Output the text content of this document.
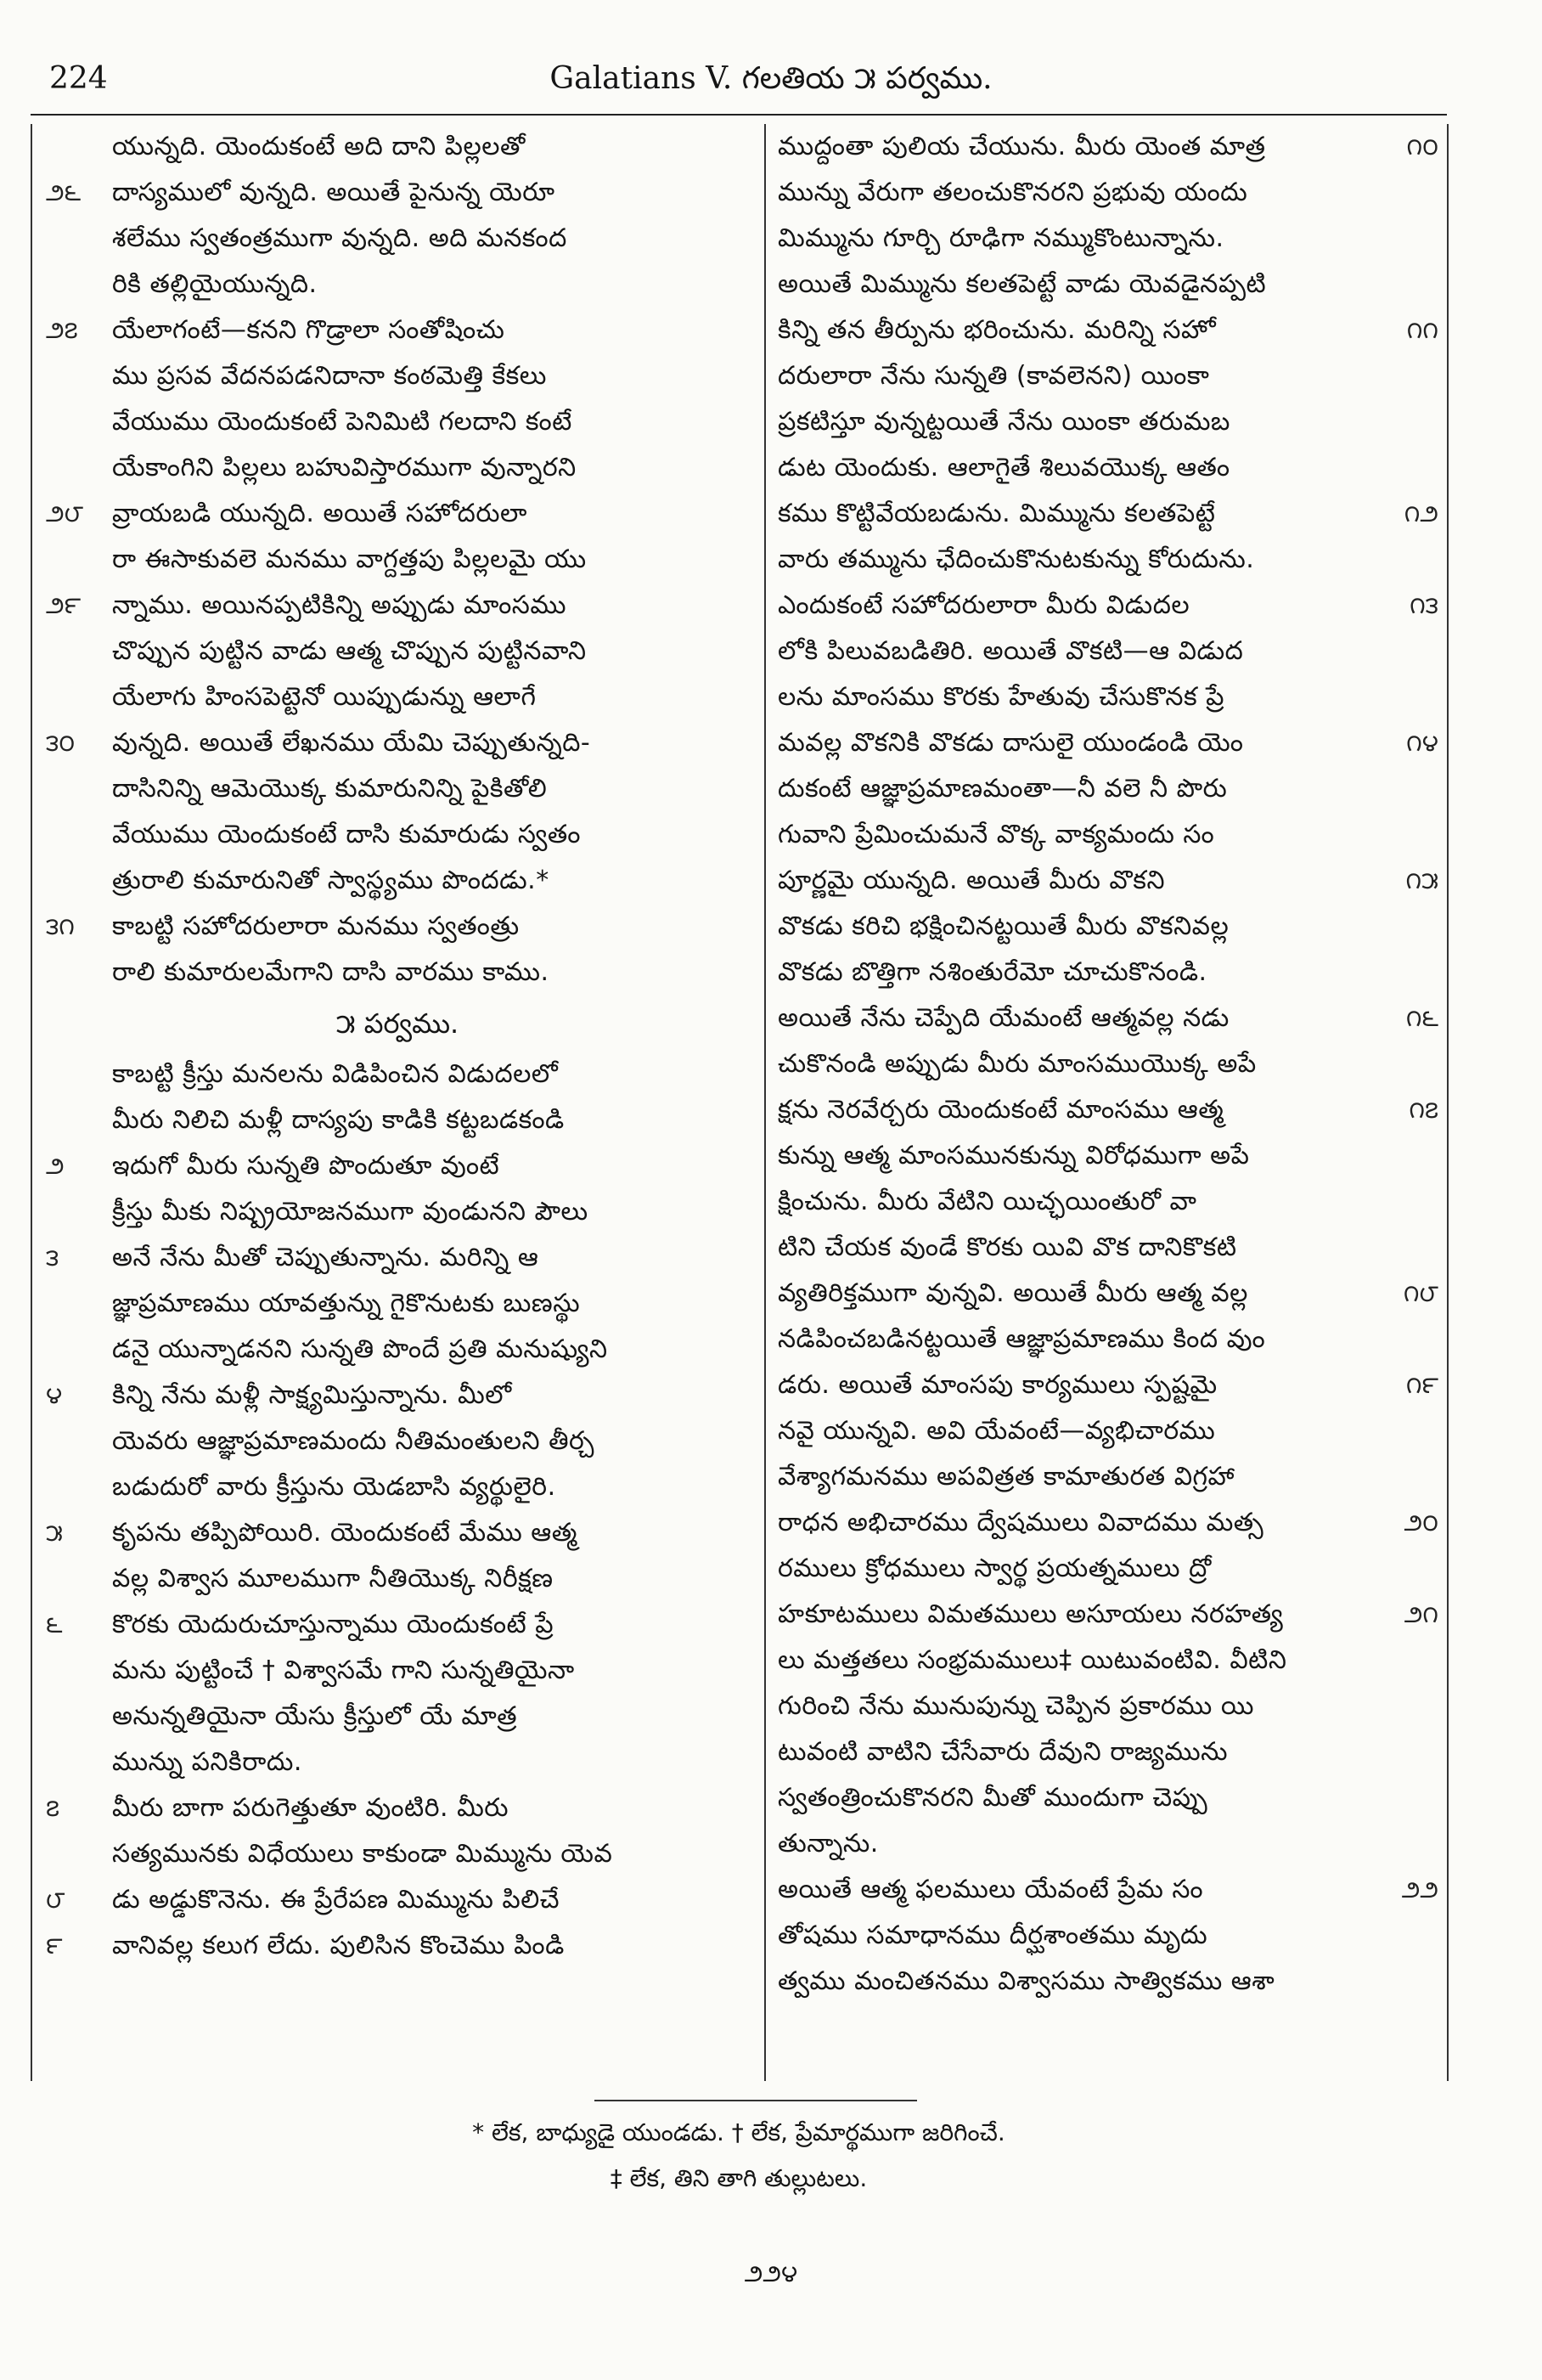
224	Galatians V. గలతియ ౫ పర్వము.
యున్నది. యెందుకంటే అది దాని పిల్లలతో
౨౬ దాస్యములో వున్నది. అయితే పైనున్న యెరూ
శలేము స్వతంత్రముగా వున్నది. అది మనకంద
రికి తల్లియైయున్నది.
౨౭ యేలాగంటే—కనని గొడ్రాలా సంతోషించు
ము ప్రసవ వేదనపడనిదానా కంఠమెత్తి కేకలు
వేయుము యెందుకంటే పెనిమిటి గలదాని కంటే
యేకాంగిని పిల్లలు బహువిస్తారముగా వున్నారని
౨౮ వ్రాయబడి యున్నది. అయితే సహోదరులా
రా ఈసాకువలె మనము వాగ్దత్తపు పిల్లలమై యు
౨౯ న్నాము. అయినప్పటికిన్ని అప్పుడు మాంసము
చొప్పున పుట్టిన వాడు ఆత్మ చొప్పున పుట్టినవాని
యేలాగు హింసపెట్టెనో యిప్పుడున్ను ఆలాగే
౩౦ వున్నది. అయితే లేఖనము యేమి చెప్పుతున్నది-
దాసినిన్ని ఆమెయొక్క కుమారునిన్ని పైకితోలి
వేయుము యెందుకంటే దాసి కుమారుడు స్వతం
త్రురాలి కుమారునితో స్వాస్థ్యము పొందడు.*
౩౧ కాబట్టి సహోదరులారా మనము స్వతంత్రు
రాలి కుమారులమేగాని దాసి వారము కాము.
౫ పర్వము.
కాబట్టి క్రీస్తు మనలను విడిపించిన విడుదలలో
మీరు నిలిచి మళ్లీ దాస్యపు కాడికి కట్టబడకండి
౨ ఇదుగో మీరు సున్నతి పొందుతూ వుంటే
క్రీస్తు మీకు నిష్ప్రయోజనముగా వుండునని పౌలు
౩ అనే నేను మీతో చెప్పుతున్నాను. మరిన్ని ఆ
జ్ఞాప్రమాణము యావత్తున్ను గైకొనుటకు బుణస్థు
డనై యున్నాడనని సున్నతి పొందే ప్రతి మనుష్యుని
౪ కిన్ని నేను మళ్లీ సాక్ష్యమిస్తున్నాను. మీలో
యెవరు ఆజ్ఞాప్రమాణమందు నీతిమంతులని తీర్చ
బడుదురో వారు క్రీస్తును యెడబాసి వ్యర్థులైరి.
౫ కృపను తప్పిపోయిరి. యెందుకంటే మేము ఆత్మ
వల్ల విశ్వాస మూలముగా నీతియొక్క నిరీక్షణ
౬ కొరకు యెదురుచూస్తున్నాము యెందుకంటే ప్రే
మను పుట్టించే † విశ్వాసమే గాని సున్నతియైనా
అనున్నతియైనా యేసు క్రీస్తులో యే మాత్ర
మున్ను పనికిరాదు.
౭ మీరు బాగా పరుగెత్తుతూ వుంటిరి. మీరు
సత్యమునకు విధేయులు కాకుండా మిమ్మును యెవ
౮ డు అడ్డుకొనెను. ఈ ప్రేరేపణ మిమ్మును పిలిచే
౯ వానివల్ల కలుగ లేదు. పులిసిన కొంచెము పిండి
౧౦
ముద్దంతా పులియ చేయును. మీరు యెంత మాత్ర
మున్ను వేరుగా తలంచుకొనరని ప్రభువు యందు
మిమ్మును గూర్చి రూఢిగా నమ్ముకొంటున్నాను.
అయితే మిమ్మును కలతపెట్టే వాడు యెవడైనప్పటి
౧౧
కిన్ని తన తీర్పును భరించును. మరిన్ని సహో
దరులారా నేను సున్నతి (కావలెనని) యింకా
ప్రకటిస్తూ వున్నట్టయితే నేను యింకా తరుమబ
డుట యెందుకు. ఆలాగైతే శిలువయొక్క ఆతం
౧౨
కము కొట్టివేయబడును. మిమ్మును కలతపెట్టే
వారు తమ్మును ఛేదించుకొనుటకున్ను కోరుదును.
౧౩
ఎందుకంటే సహోదరులారా మీరు విడుదల
లోకి పిలువబడితిరి. అయితే వొకటి—ఆ విడుద
లను మాంసము కొరకు హేతువు చేసుకొనక ప్రే
౧౪
మవల్ల వొకనికి వొకడు దాసులై యుండండి యెం
దుకంటే ఆజ్ఞాప్రమాణమంతా—నీ వలె నీ పొరు
గువాని ప్రేమించుమనే వొక్క వాక్యమందు సం
౧౫
పూర్ణమై యున్నది. అయితే మీరు వొకని
వొకడు కరిచి భక్షించినట్టయితే మీరు వొకనివల్ల
వొకడు బొత్తిగా నశింతురేమో చూచుకొనండి.
౧౬
అయితే నేను చెప్పేది యేమంటే ఆత్మవల్ల నడు
చుకొనండి అప్పుడు మీరు మాంసముయొక్క అపే
౧౭
క్షను నెరవేర్చరు యెందుకంటే మాంసము ఆత్మ
కున్ను ఆత్మ మాంసమునకున్ను విరోధముగా అపే
క్షించును. మీరు వేటిని యిచ్ఛయింతురో వా
టిని చేయక వుండే కొరకు యివి వొక దానికొకటి
౧౮
వ్యతిరిక్తముగా వున్నవి. అయితే మీరు ఆత్మ వల్ల
నడిపించబడినట్టయితే ఆజ్ఞాప్రమాణము కింద వుం
౧౯
డరు. అయితే మాంసపు కార్యములు స్పష్టమై
నవై యున్నవి. అవి యేవంటే—వ్యభిచారము
వేశ్యాగమనము అపవిత్రత కామాతురత విగ్రహా
౨౦
రాధన అభిచారము ద్వేషములు వివాదము మత్స
రములు క్రోధములు స్వార్థ ప్రయత్నములు ద్రో
౨౧
హకూటములు విమతములు అసూయలు నరహత్య
లు మత్తతలు సంభ్రమములు‡ యిటువంటివి. వీటిని
గురించి నేను మునుపున్ను చెప్పిన ప్రకారము యి
టువంటి వాటిని చేసేవారు దేవుని రాజ్యమును
స్వతంత్రించుకొనరని మీతో ముందుగా చెప్పు
తున్నాను.
౨౨
అయితే ఆత్మ ఫలములు యేవంటే ప్రేమ సం
తోషము సమాధానము దీర్ఘశాంతము మృదు
త్వము మంచితనము విశ్వాసము సాత్వికము ఆశా
* లేక, బాధ్యుడై యుండడు. † లేక, ప్రేమార్థముగా జరిగించే.
‡ లేక, తిని తాగి తుల్లుటలు.
౨౨౪
